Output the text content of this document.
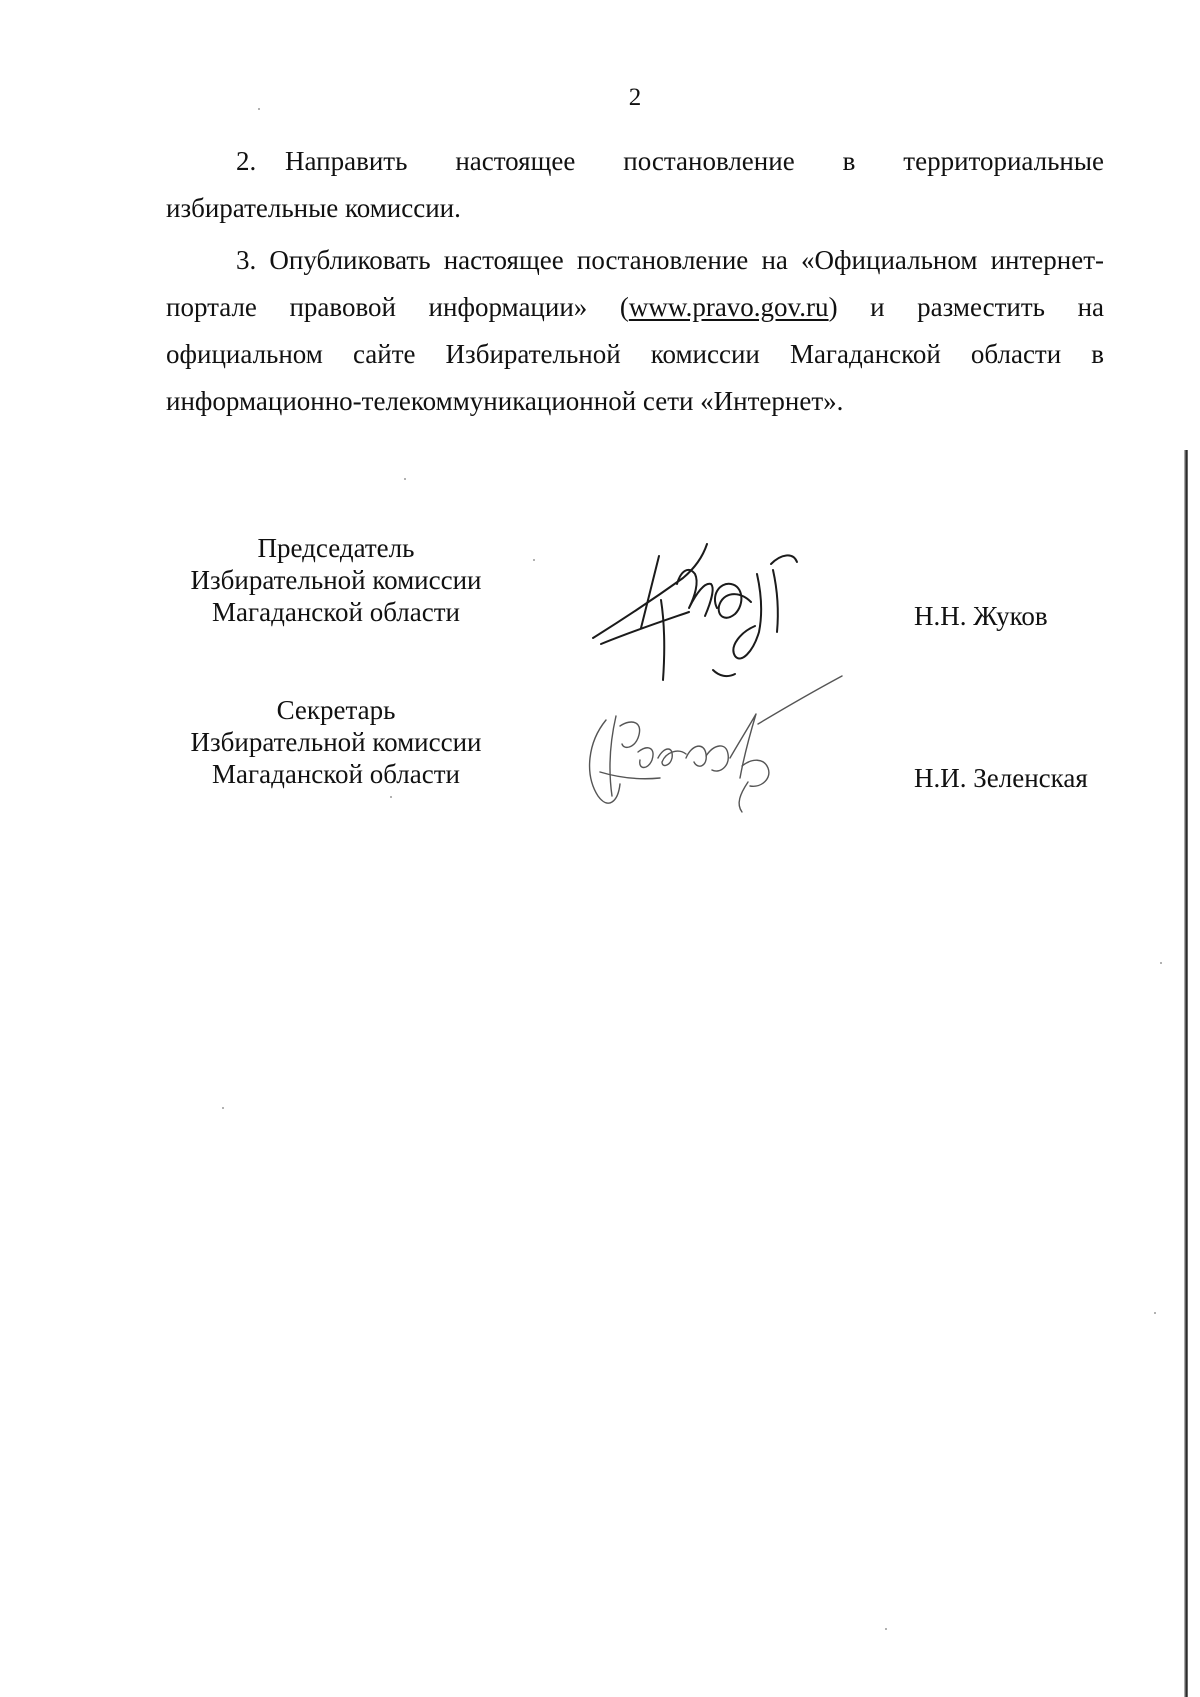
2
2.   Направить     настоящее     постановление     в     территориальные избирательные комиссии.
3. Опубликовать настоящее постановление на «Официальном интернет-портале правовой информации» (www.pravo.gov.ru) и разместить на официальном сайте Избирательной комиссии Магаданской области в информационно-телекоммуникационной сети «Интернет».
Председатель
Избирательной комиссии
Магаданской области	Н.Н. Жуков
Секретарь
Избирательной комиссии
Магаданской области	Н.И. Зеленская
